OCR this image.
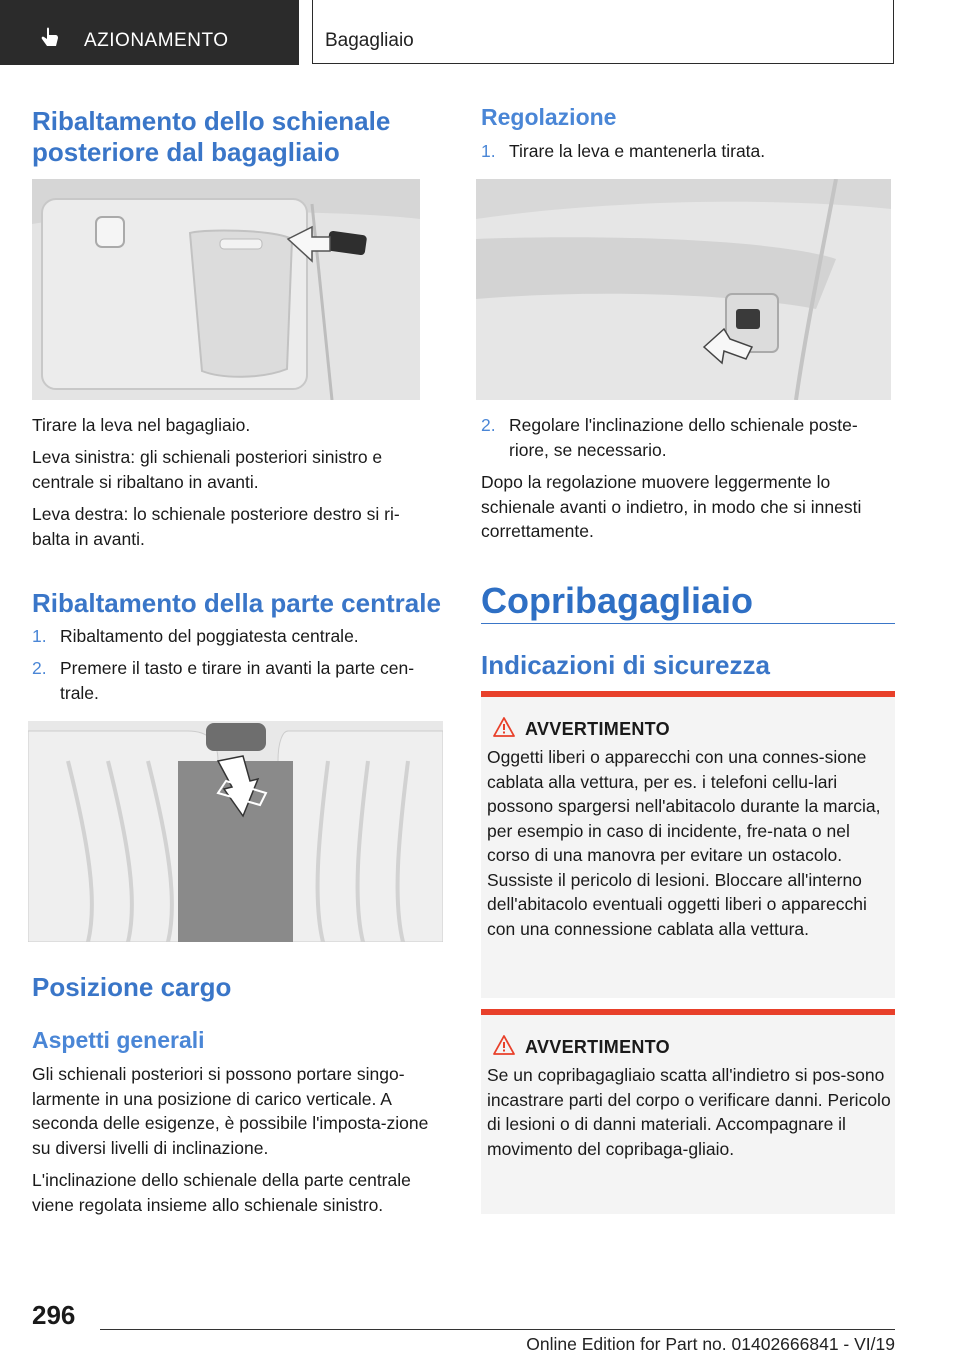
AZIONAMENTO	Bagagliaio
Ribaltamento dello schienale posteriore dal bagagliaio

Tirare la leva nel bagagliaio.

Leva sinistra: gli schienali posteriori sinistro e centrale si ribaltano in avanti.

Leva destra: lo schienale posteriore destro si ri-balta in avanti.

Ribaltamento della parte centrale
1. Ribaltamento del poggiatesta centrale.
2. Premere il tasto e tirare in avanti la parte cen-trale.
Posizione cargo
Aspetti generali

Gli schienali posteriori si possono portare singo-larmente in una posizione di carico verticale. A seconda delle esigenze, è possibile l'imposta-zione su diversi livelli di inclinazione.

L'inclinazione dello schienale della parte centrale viene regolata insieme allo schienale sinistro.

Regolazione
1. Tirare la leva e mantenerla tirata.
2. Regolare l'inclinazione dello schienale poste-riore, se necessario.

Dopo la regolazione muovere leggermente lo schienale avanti o indietro, in modo che si innesti correttamente.

Copribagagliaio
Indicazioni di sicurezza
AVVERTIMENTO
Oggetti liberi o apparecchi con una connes-sione cablata alla vettura, per es. i telefoni cellu-lari possono spargersi nell'abitacolo durante la marcia, per esempio in caso di incidente, fre-nata o nel corso di una manovra per evitare un ostacolo. Sussiste il pericolo di lesioni. Bloccare all'interno dell'abitacolo eventuali oggetti liberi o apparecchi con una connessione cablata alla vettura.
AVVERTIMENTO
Se un copribagagliaio scatta all'indietro si pos-sono incastrare parti del corpo o verificare danni. Pericolo di lesioni o di danni materiali. Accompagnare il movimento del copribaga-gliaio.
296
Online Edition for Part no. 01402666841 - VI/19
